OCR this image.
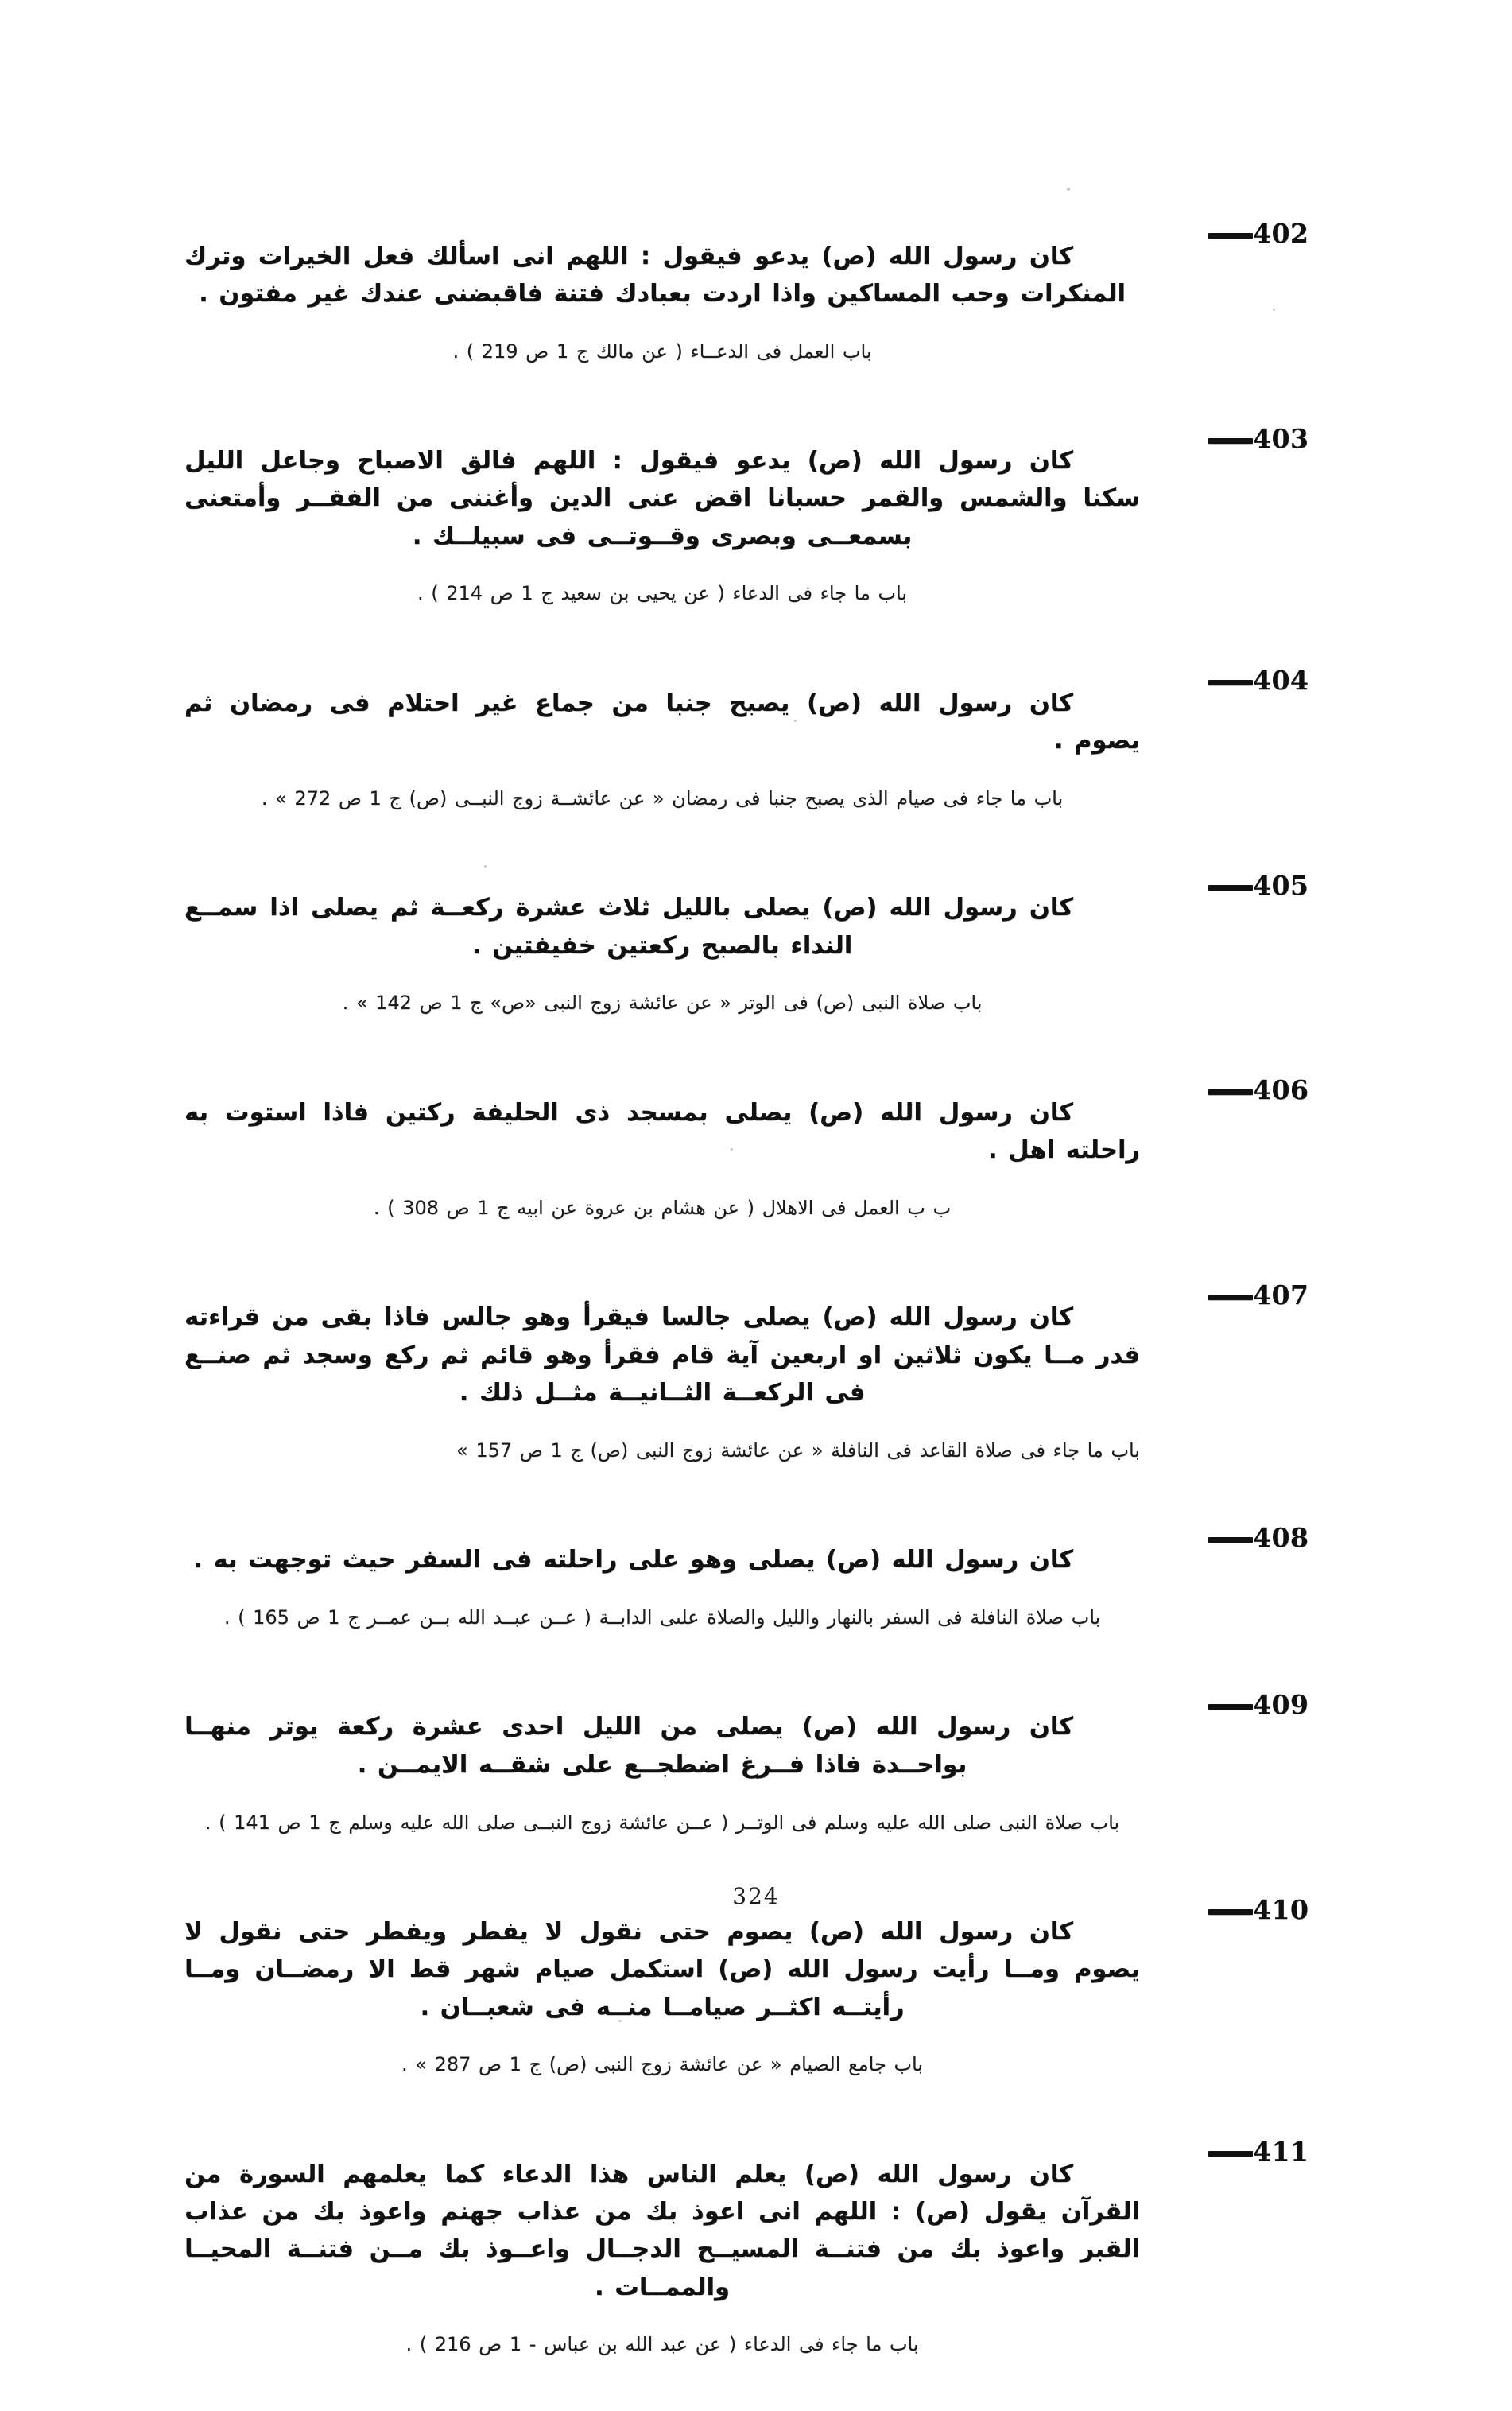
402

كان رسول الله (ص) يدعو فيقول : اللهم انى اسألك فعل الخيرات وترك المنكرات وحب المساكين واذا اردت بعبادك فتنة فاقبضنى عندك غير مفتون .

باب العمل فى الدعــاء ( عن مالك ج 1 ص 219 ) .

403

كان رسول الله (ص) يدعو فيقول : اللهم فالق الاصباح وجاعل الليل سكنا والشمس والقمر حسبانا اقض عنى الدين وأغننى من الفقــر وأمتعنى بسمعــى وبصرى وقــوتــى فى سبيلــك .

باب ما جاء فى الدعاء ( عن يحيى بن سعيد ج 1 ص 214 ) .

404

كان رسول الله (ص) يصبح جنبا من جماع غير احتلام فى رمضان ثم يصوم .

باب ما جاء فى صيام الذى يصبح جنبا فى رمضان « عن عائشــة زوج النبــى (ص) ج 1 ص 272 » .

405

كان رسول الله (ص) يصلى بالليل ثلاث عشرة ركعــة ثم يصلى اذا سمــع النداء بالصبح ركعتين خفيفتين .

باب صلاة النبى (ص) فى الوتر « عن عائشة زوج النبى «ص» ج 1 ص 142 » .

406

كان رسول الله (ص) يصلى بمسجد ذى الحليفة ركتين فاذا استوت به راحلته اهل .

ب ب العمل فى الاهلال ( عن هشام بن عروة عن ابيه ج 1 ص 308 ) .

407

كان رسول الله (ص) يصلى جالسا فيقرأ وهو جالس فاذا بقى من قراءته قدر مــا يكون ثلاثين او اربعين آية قام فقرأ وهو قائم ثم ركع وسجد ثم صنــع فى الركعــة الثــانيــة مثــل ذلك .

باب ما جاء فى صلاة القاعد فى النافلة « عن عائشة زوج النبى (ص) ج 1 ص 157 »

408

كان رسول الله (ص) يصلى وهو على راحلته فى السفر حيث توجهت به .

باب صلاة النافلة فى السفر بالنهار والليل والصلاة علىى الدابــة ( عــن عبــد الله بــن عمــر ج 1 ص 165 ) .

409

كان رسول الله (ص) يصلى من الليل احدى عشرة ركعة يوتر منهــا بواحــدة فاذا فــرغ اضطجــع على شقــه الايمــن .

باب صلاة النبى صلى الله عليه وسلم فى الوتــر ( عــن عائشة زوج النبــى صلى الله عليه وسلم ج 1 ص 141 ) .

410

كان رسول الله (ص) يصوم حتى نقول لا يفطر ويفطر حتى نقول لا يصوم ومــا رأيت رسول الله (ص) استكمل صيام شهر قط الا رمضــان ومــا رأيتــه اكثــر صيامــا منــه فى شعبــان .

باب جامع الصيام « عن عائشة زوج النبى (ص) ج 1 ص 287 » .

411

كان رسول الله (ص) يعلم الناس هذا الدعاء كما يعلمهم السورة من القرآن يقول (ص) : اللهم انى اعوذ بك من عذاب جهنم واعوذ بك من عذاب القبر واعوذ بك من فتنــة المسيــح الدجــال واعــوذ بك مــن فتنــة المحيــا والممــات .

باب ما جاء فى الدعاء ( عن عبد الله بن عباس - 1 ص 216 ) .

324
